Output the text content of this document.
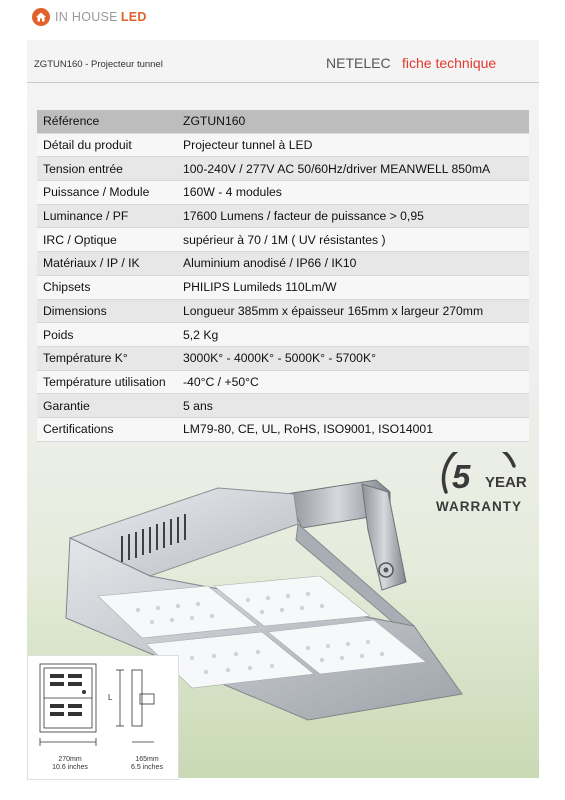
IN HOUSE LED
ZGTUN160 - Projecteur tunnel	NETELEC fiche technique
Référence	ZGTUN160
Détail du produit	Projecteur tunnel à LED
Tension entrée	100-240V / 277V AC 50/60Hz/driver MEANWELL 850mA
Puissance / Module	160W - 4 modules
Luminance / PF	17600 Lumens / facteur de puissance > 0,95
IRC / Optique	supérieur à 70 / 1M ( UV résistantes )
Matériaux / IP / IK	Aluminium anodisé / IP66 / IK10
Chipsets	PHILIPS Lumileds 110Lm/W
Dimensions	Longueur 385mm x épaisseur 165mm x largeur 270mm
Poids	5,2 Kg
Température K°	3000K° - 4000K° - 5000K° - 5700K°
Température utilisation	-40°C / +50°C
Garantie	5 ans
Certifications	LM79-80, CE, UL, RoHS, ISO9001, ISO14001
5 YEAR
WARRANTY
L
270mm
10.6 inches
165mm
6.5 inches
